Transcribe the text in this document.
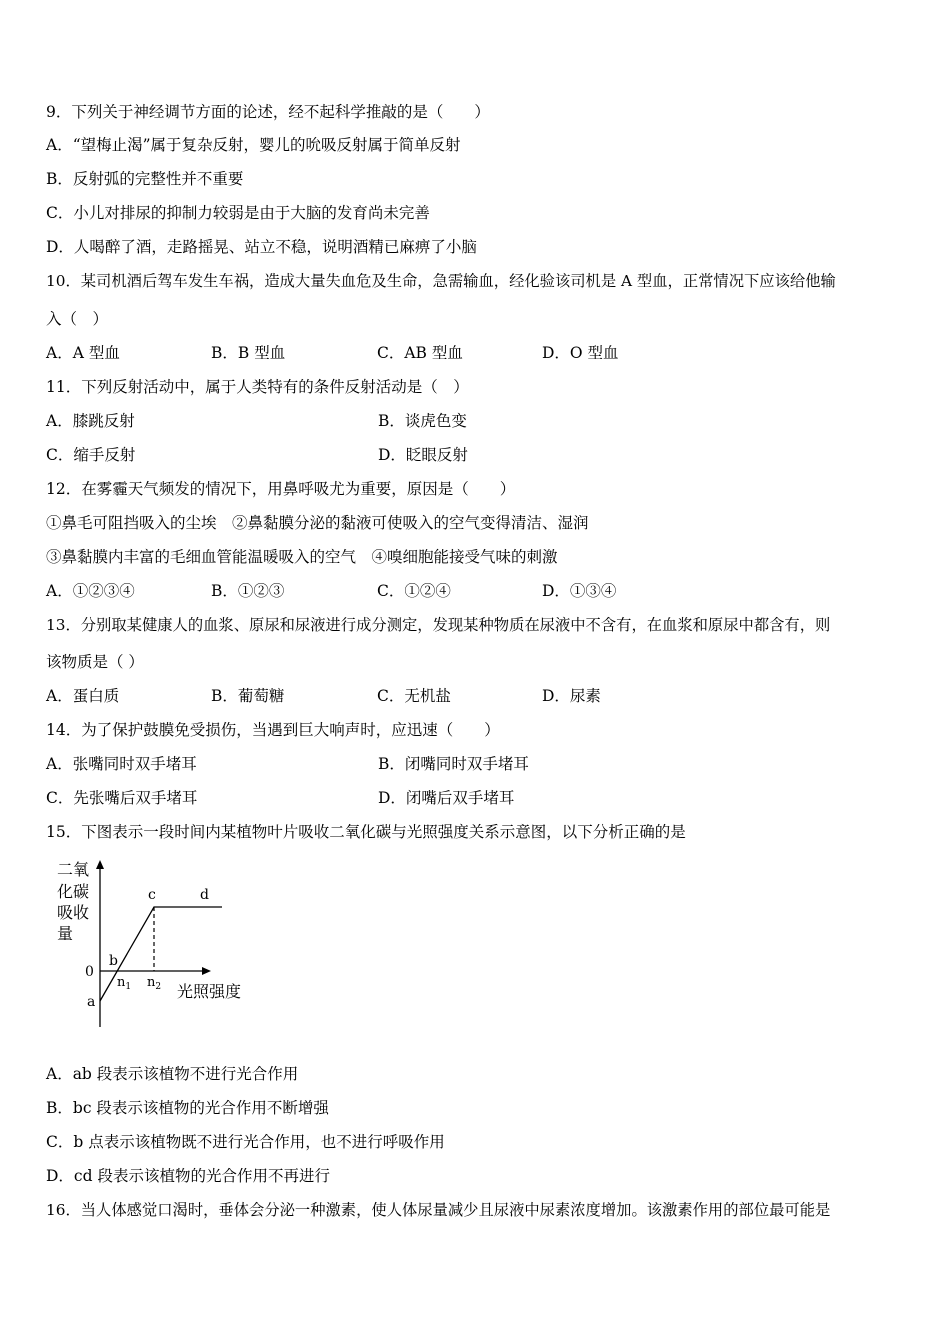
9．下列关于神经调节方面的论述，经不起科学推敲的是（　　）
A．“望梅止渴”属于复杂反射，婴儿的吮吸反射属于简单反射
B．反射弧的完整性并不重要
C．小儿对排尿的抑制力较弱是由于大脑的发育尚未完善
D．人喝醉了酒，走路摇晃、站立不稳，说明酒精已麻痹了小脑
10．某司机酒后驾车发生车祸，造成大量失血危及生命，急需输血，经化验该司机是 A 型血，正常情况下应该给他输
入（　）
A．A 型血	B．B 型血	C．AB 型血	D．O 型血
11．下列反射活动中，属于人类特有的条件反射活动是（　）
A．膝跳反射	B．谈虎色变
C．缩手反射	D．眨眼反射
12．在雾霾天气频发的情况下，用鼻呼吸尤为重要，原因是（　　）
①鼻毛可阻挡吸入的尘埃　②鼻黏膜分泌的黏液可使吸入的空气变得清洁、湿润
③鼻黏膜内丰富的毛细血管能温暖吸入的空气　④嗅细胞能接受气味的刺激
A．①②③④	B．①②③	C．①②④	D．①③④
13．分别取某健康人的血浆、原尿和尿液进行成分测定，发现某种物质在尿液中不含有，在血浆和原尿中都含有，则
该物质是（ ）
A．蛋白质	B．葡萄糖	C．无机盐	D．尿素
14．为了保护鼓膜免受损伤，当遇到巨大响声时，应迅速（　　）
A．张嘴同时双手堵耳	B．闭嘴同时双手堵耳
C．先张嘴后双手堵耳	D．闭嘴后双手堵耳
15．下图表示一段时间内某植物叶片吸收二氧化碳与光照强度关系示意图，以下分析正确的是
二氧
化碳
吸收
量
0
a
b
c	d
$n_1$ $n_2$ 光照强度
A．ab 段表示该植物不进行光合作用
B．bc 段表示该植物的光合作用不断增强
C．b 点表示该植物既不进行光合作用，也不进行呼吸作用
D．cd 段表示该植物的光合作用不再进行
16．当人体感觉口渴时，垂体会分泌一种激素，使人体尿量减少且尿液中尿素浓度增加。该激素作用的部位最可能是
